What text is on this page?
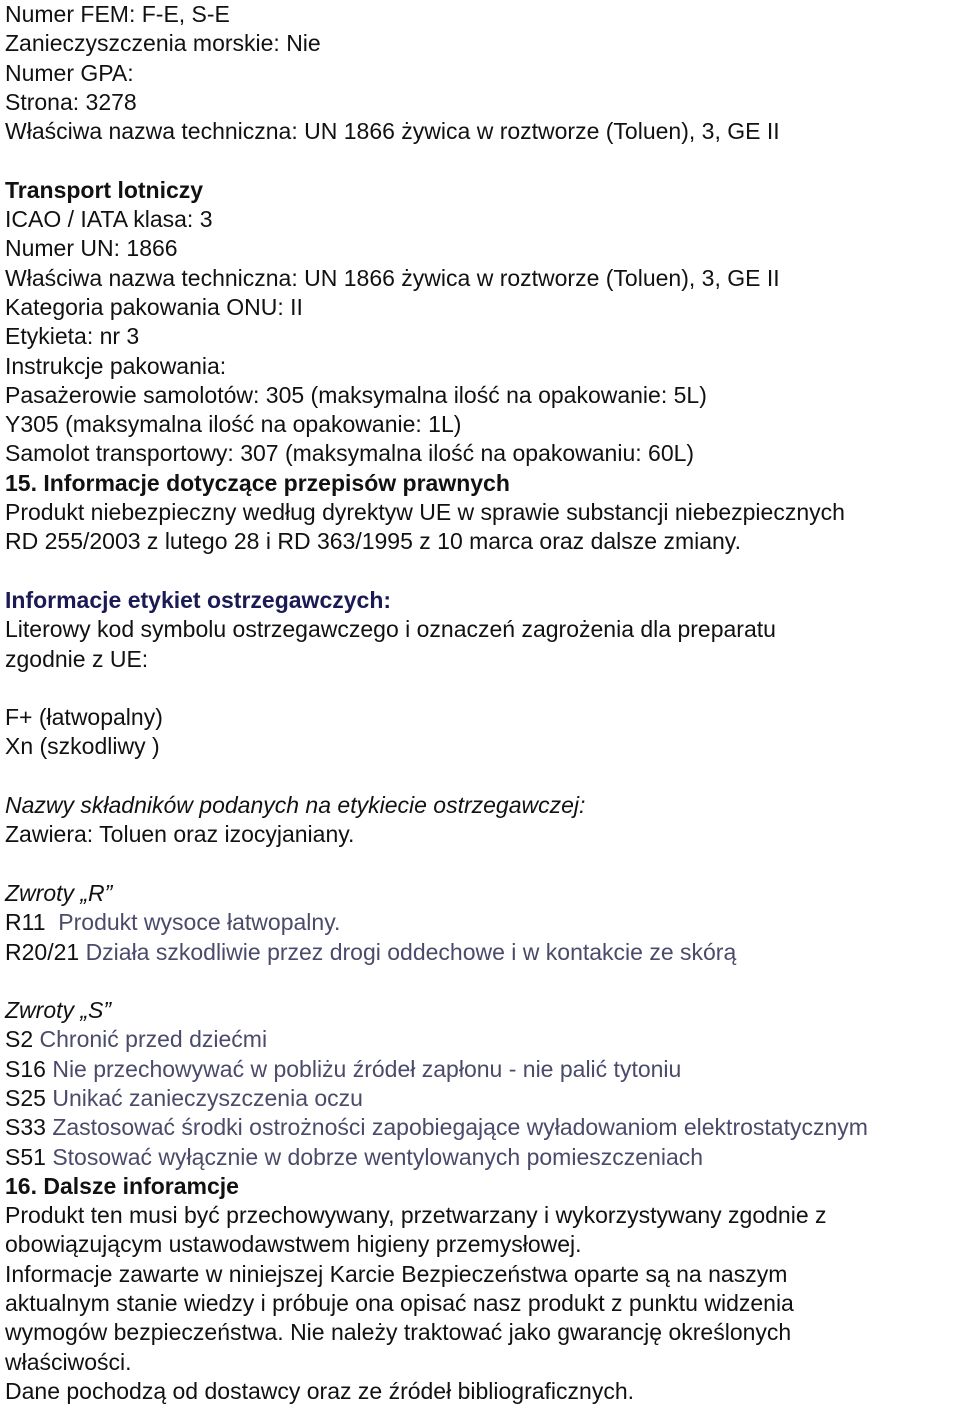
Numer FEM: F-E, S-E
Zanieczyszczenia morskie: Nie
Numer GPA:
Strona: 3278
Właściwa nazwa techniczna: UN 1866 żywica w roztworze (Toluen), 3, GE II
Transport lotniczy
ICAO / IATA klasa: 3
Numer UN: 1866
Właściwa nazwa techniczna: UN 1866 żywica w roztworze (Toluen), 3, GE II
Kategoria pakowania ONU: II
Etykieta: nr 3
Instrukcje pakowania:
Pasażerowie samolotów: 305 (maksymalna ilość na opakowanie: 5L)
Y305 (maksymalna ilość na opakowanie: 1L)
Samolot transportowy: 307 (maksymalna ilość na opakowaniu: 60L)
15. Informacje dotyczące przepisów prawnych
Produkt niebezpieczny według dyrektyw UE w sprawie substancji niebezpiecznych
RD 255/2003 z lutego 28 i RD 363/1995 z 10 marca oraz dalsze zmiany.
Informacje etykiet ostrzegawczych:
Literowy kod symbolu ostrzegawczego i oznaczeń zagrożenia dla preparatu
zgodnie z UE:
F+ (łatwopalny)
Xn (szkodliwy )
Nazwy składników podanych na etykiecie ostrzegawczej:
Zawiera: Toluen oraz izocyjaniany.
Zwroty „R”
R11 Produkt wysoce łatwopalny.
R20/21 Działa szkodliwie przez drogi oddechowe i w kontakcie ze skórą
Zwroty „S”
S2 Chronić przed dziećmi
S16 Nie przechowywać w pobliżu źródeł zapłonu - nie palić tytoniu
S25 Unikać zanieczyszczenia oczu
S33 Zastosować środki ostrożności zapobiegające wyładowaniom elektrostatycznym
S51 Stosować wyłącznie w dobrze wentylowanych pomieszczeniach
16. Dalsze inforamcje
Produkt ten musi być przechowywany, przetwarzany i wykorzystywany zgodnie z
obowiązującym ustawodawstwem higieny przemysłowej.
Informacje zawarte w niniejszej Karcie Bezpieczeństwa oparte są na naszym
aktualnym stanie wiedzy i próbuje ona opisać nasz produkt z punktu widzenia
wymogów bezpieczeństwa. Nie należy traktować jako gwarancję określonych
właściwości.
Dane pochodzą od dostawcy oraz ze źródeł bibliograficznych.
